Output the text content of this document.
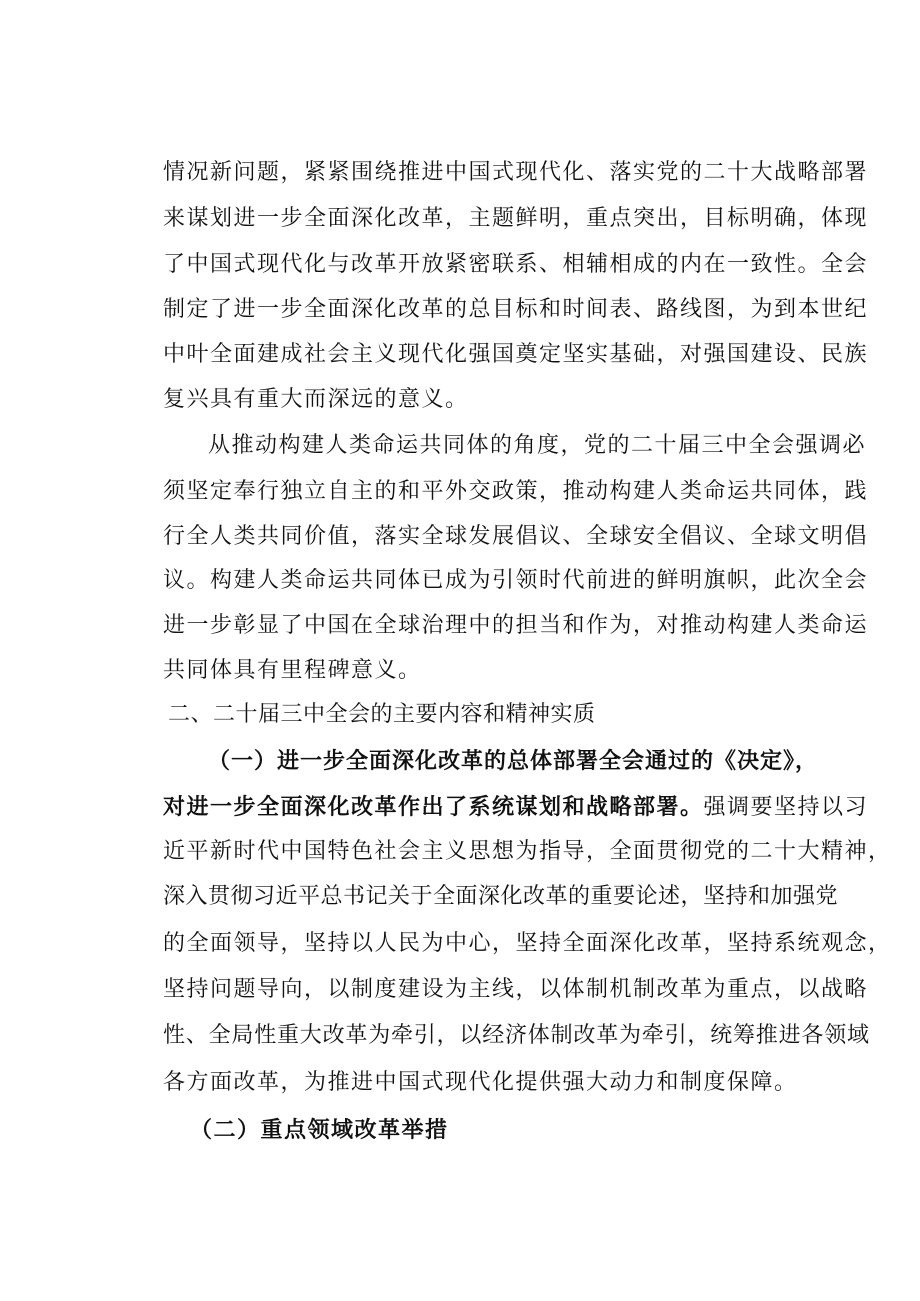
情况新问题，紧紧围绕推进中国式现代化、落实党的二十大战略部署
来谋划进一步全面深化改革，主题鲜明，重点突出，目标明确，体现
了中国式现代化与改革开放紧密联系、相辅相成的内在一致性。全会
制定了进一步全面深化改革的总目标和时间表、路线图，为到本世纪
中叶全面建成社会主义现代化强国奠定坚实基础，对强国建设、民族
复兴具有重大而深远的意义。
从推动构建人类命运共同体的角度，党的二十届三中全会强调必
须坚定奉行独立自主的和平外交政策，推动构建人类命运共同体，践
行全人类共同价值，落实全球发展倡议、全球安全倡议、全球文明倡
议。构建人类命运共同体已成为引领时代前进的鲜明旗帜，此次全会
进一步彰显了中国在全球治理中的担当和作为，对推动构建人类命运
共同体具有里程碑意义。
二、二十届三中全会的主要内容和精神实质
（一）进一步全面深化改革的总体部署全会通过的《决定》，
对进一步全面深化改革作出了系统谋划和战略部署。强调要坚持以习
近平新时代中国特色社会主义思想为指导，全面贯彻党的二十大精神，
深入贯彻习近平总书记关于全面深化改革的重要论述，坚持和加强党
的全面领导，坚持以人民为中心，坚持全面深化改革，坚持系统观念，
坚持问题导向，以制度建设为主线，以体制机制改革为重点，以战略
性、全局性重大改革为牵引，以经济体制改革为牵引，统筹推进各领域
各方面改革，为推进中国式现代化提供强大动力和制度保障。
（二）重点领域改革举措
